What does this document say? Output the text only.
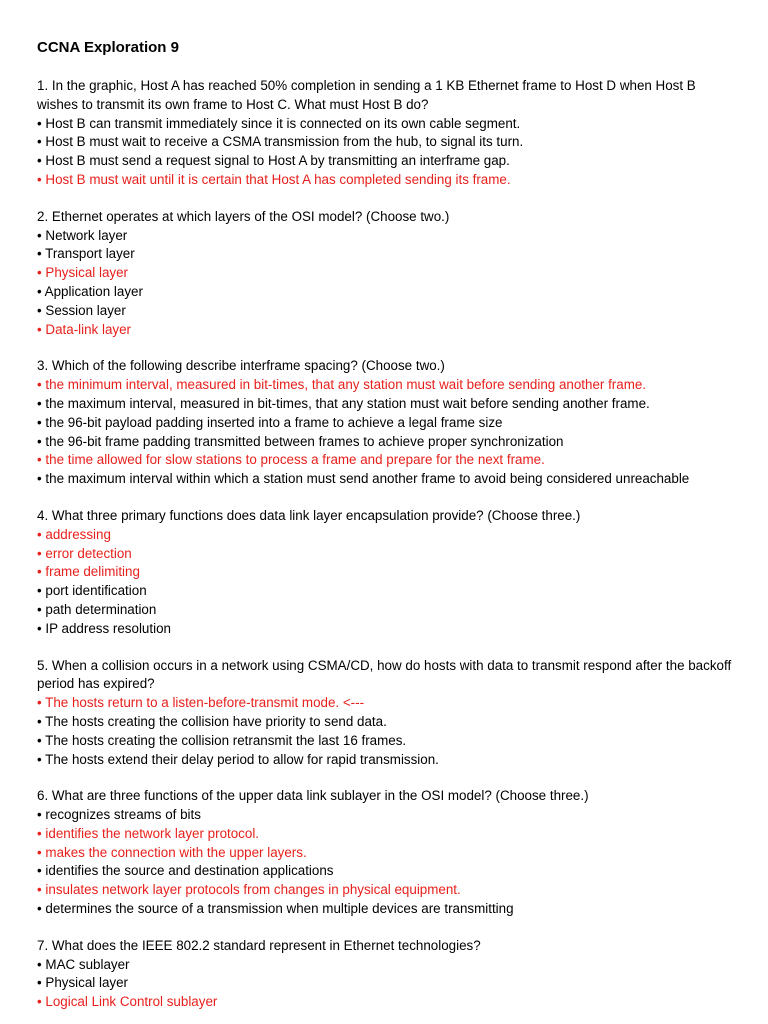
CCNA Exploration 9
1. In the graphic, Host A has reached 50% completion in sending a 1 KB Ethernet frame to Host D when Host B wishes to transmit its own frame to Host C. What must Host B do?
• Host B can transmit immediately since it is connected on its own cable segment.
• Host B must wait to receive a CSMA transmission from the hub, to signal its turn.
• Host B must send a request signal to Host A by transmitting an interframe gap.
• Host B must wait until it is certain that Host A has completed sending its frame.
2. Ethernet operates at which layers of the OSI model? (Choose two.)
• Network layer
• Transport layer
• Physical layer
• Application layer
• Session layer
• Data-link layer
3. Which of the following describe interframe spacing? (Choose two.)
• the minimum interval, measured in bit-times, that any station must wait before sending another frame.
• the maximum interval, measured in bit-times, that any station must wait before sending another frame.
• the 96-bit payload padding inserted into a frame to achieve a legal frame size
• the 96-bit frame padding transmitted between frames to achieve proper synchronization
• the time allowed for slow stations to process a frame and prepare for the next frame.
• the maximum interval within which a station must send another frame to avoid being considered unreachable
4. What three primary functions does data link layer encapsulation provide? (Choose three.)
• addressing
• error detection
• frame delimiting
• port identification
• path determination
• IP address resolution
5. When a collision occurs in a network using CSMA/CD, how do hosts with data to transmit respond after the backoff period has expired?
• The hosts return to a listen-before-transmit mode. <---
• The hosts creating the collision have priority to send data.
• The hosts creating the collision retransmit the last 16 frames.
• The hosts extend their delay period to allow for rapid transmission.
6. What are three functions of the upper data link sublayer in the OSI model? (Choose three.)
• recognizes streams of bits
• identifies the network layer protocol.
• makes the connection with the upper layers.
• identifies the source and destination applications
• insulates network layer protocols from changes in physical equipment.
• determines the source of a transmission when multiple devices are transmitting
7. What does the IEEE 802.2 standard represent in Ethernet technologies?
• MAC sublayer
• Physical layer
• Logical Link Control sublayer
